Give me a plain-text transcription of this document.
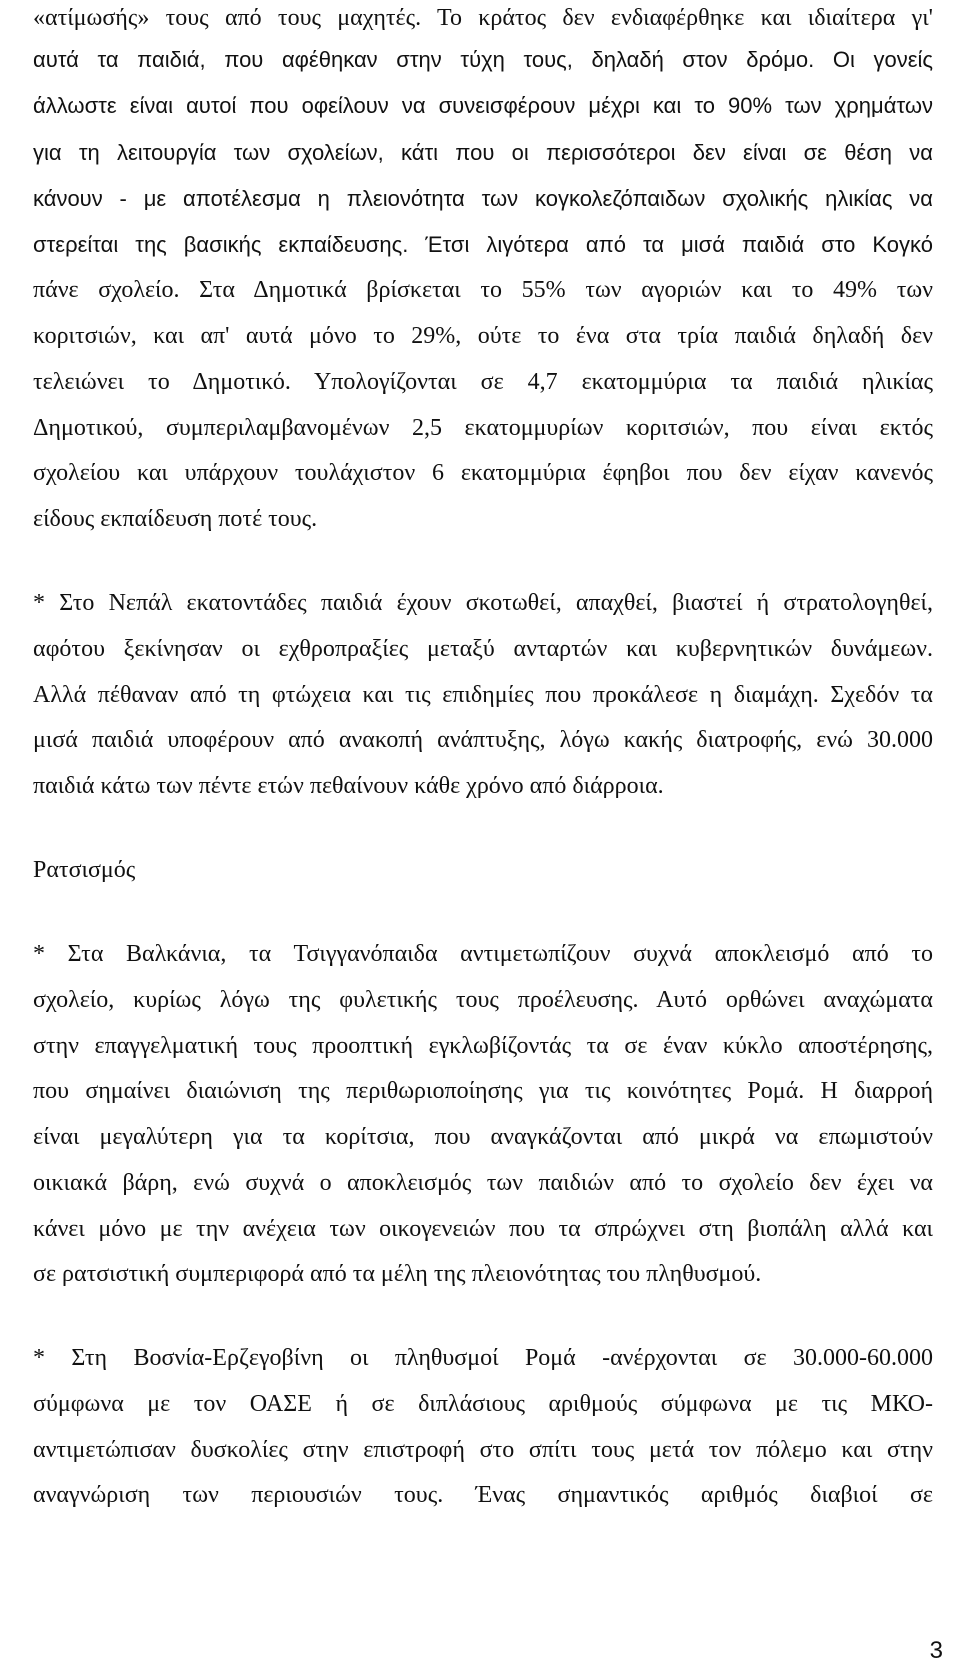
«ατίμωσής» τους από τους μαχητές. Το κράτος δεν ενδιαφέρθηκε και ιδιαίτερα γι'
αυτά τα παιδιά, που αφέθηκαν στην τύχη τους, δηλαδή στον δρόμο. Οι γονείς
άλλωστε είναι αυτοί που οφείλουν να συνεισφέρουν μέχρι και το 90% των χρημάτων
για τη λειτουργία των σχολείων, κάτι που οι περισσότεροι δεν είναι σε θέση να
κάνουν - με αποτέλεσμα η πλειονότητα των κογκολεζόπαιδων σχολικής ηλικίας να
στερείται της βασικής εκπαίδευσης. Έτσι λιγότερα από τα μισά παιδιά στο Κογκό
πάνε σχολείο. Στα Δημοτικά βρίσκεται το 55% των αγοριών και το 49% των
κοριτσιών, και απ' αυτά μόνο το 29%, ούτε το ένα στα τρία παιδιά δηλαδή δεν
τελειώνει το Δημοτικό. Υπολογίζονται σε 4,7 εκατομμύρια τα παιδιά ηλικίας
Δημοτικού, συμπεριλαμβανομένων 2,5 εκατομμυρίων κοριτσιών, που είναι εκτός
σχολείου και υπάρχουν τουλάχιστον 6 εκατομμύρια έφηβοι που δεν είχαν κανενός
είδους εκπαίδευση ποτέ τους.
* Στο Νεπάλ εκατοντάδες παιδιά έχουν σκοτωθεί, απαχθεί, βιαστεί ή στρατολογηθεί,
αφότου ξεκίνησαν οι εχθροπραξίες μεταξύ ανταρτών και κυβερνητικών δυνάμεων.
Αλλά πέθαναν από τη φτώχεια και τις επιδημίες που προκάλεσε η διαμάχη. Σχεδόν τα
μισά παιδιά υποφέρουν από ανακοπή ανάπτυξης, λόγω κακής διατροφής, ενώ 30.000
παιδιά κάτω των πέντε ετών πεθαίνουν κάθε χρόνο από διάρροια.
Ρατσισμός
* Στα Βαλκάνια, τα Τσιγγανόπαιδα αντιμετωπίζουν συχνά αποκλεισμό από το
σχολείο, κυρίως λόγω της φυλετικής τους προέλευσης. Αυτό ορθώνει αναχώματα
στην επαγγελματική τους προοπτική εγκλωβίζοντάς τα σε έναν κύκλο αποστέρησης,
που σημαίνει διαιώνιση της περιθωριοποίησης για τις κοινότητες Ρομά. Η διαρροή
είναι μεγαλύτερη για τα κορίτσια, που αναγκάζονται από μικρά να επωμιστούν
οικιακά βάρη, ενώ συχνά ο αποκλεισμός των παιδιών από το σχολείο δεν έχει να
κάνει μόνο με την ανέχεια των οικογενειών που τα σπρώχνει στη βιοπάλη αλλά και
σε ρατσιστική συμπεριφορά από τα μέλη της πλειονότητας του πληθυσμού.
* Στη Βοσνία-Ερζεγοβίνη οι πληθυσμοί Ρομά -ανέρχονται σε 30.000-60.000
σύμφωνα με τον ΟΑΣΕ ή σε διπλάσιους αριθμούς σύμφωνα με τις ΜΚΟ-
αντιμετώπισαν δυσκολίες στην επιστροφή στο σπίτι τους μετά τον πόλεμο και στην
αναγνώριση των περιουσιών τους. Ένας σημαντικός αριθμός διαβιοί σε
3
